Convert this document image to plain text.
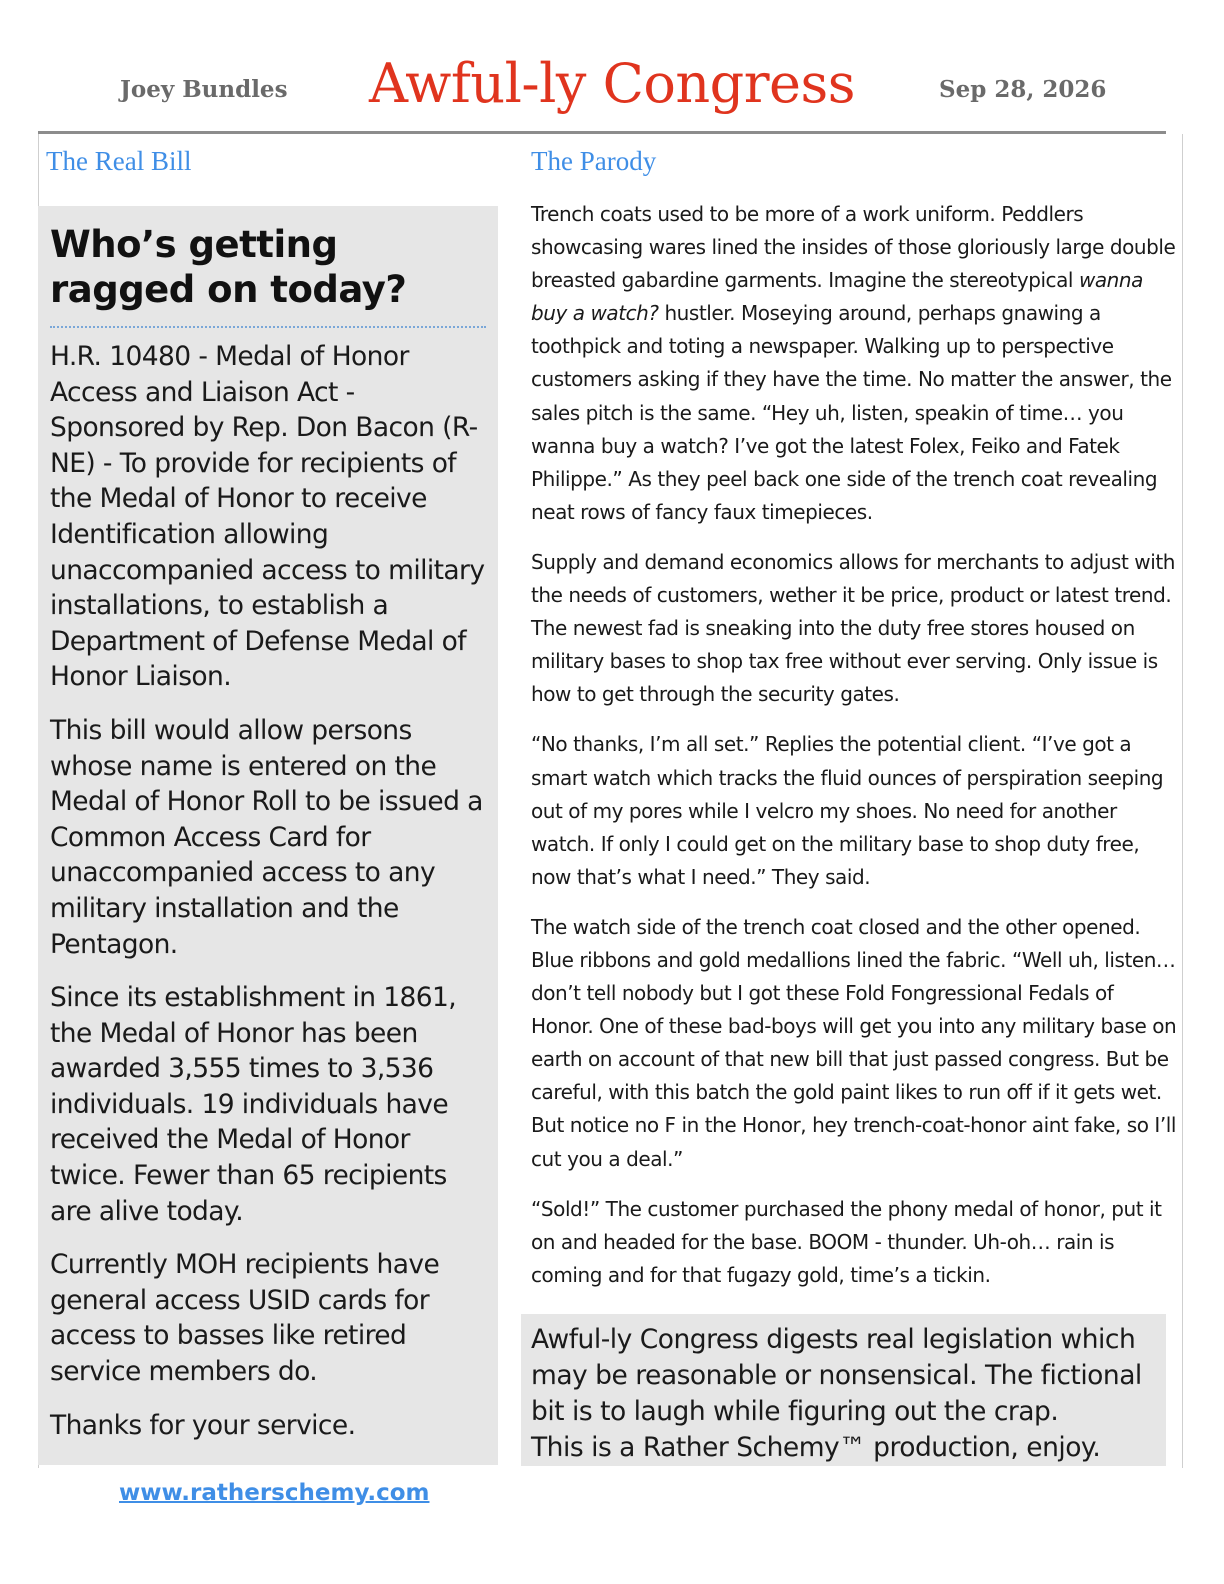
Awful-ly Congress
Joey Bundles	Sep 28, 2026
The Real Bill	The Parody
Who’s getting ragged on today?

H.R. 10480 - Medal of Honor Access and Liaison Act - Sponsored by Rep. Don Bacon (R-NE) - To provide for recipients of the Medal of Honor to receive Identification allowing unaccompanied access to military installations, to establish a Department of Defense Medal of Honor Liaison.

This bill would allow persons whose name is entered on the Medal of Honor Roll to be issued a Common Access Card for unaccompanied access to any military installation and the Pentagon.

Since its establishment in 1861, the Medal of Honor has been awarded 3,555 times to 3,536 individuals. 19 individuals have received the Medal of Honor twice. Fewer than 65 recipients are alive today.

Currently MOH recipients have general access USID cards for access to basses like retired service members do.

Thanks for your service.

Trench coats used to be more of a work uniform. Peddlers showcasing wares lined the insides of those gloriously large double breasted gabardine garments. Imagine the stereotypical wanna buy a watch? hustler. Moseying around, perhaps gnawing a toothpick and toting a newspaper. Walking up to perspective customers asking if they have the time. No matter the answer, the sales pitch is the same. “Hey uh, listen, speakin of time… you wanna buy a watch? I’ve got the latest Folex, Feiko and Fatek Philippe.” As they peel back one side of the trench coat revealing neat rows of fancy faux timepieces.

Supply and demand economics allows for merchants to adjust with the needs of customers, wether it be price, product or latest trend. The newest fad is sneaking into the duty free stores housed on military bases to shop tax free without ever serving. Only issue is how to get through the security gates.

“No thanks, I’m all set.” Replies the potential client. “I’ve got a smart watch which tracks the fluid ounces of perspiration seeping out of my pores while I velcro my shoes. No need for another watch. If only I could get on the military base to shop duty free, now that’s what I need.” They said.

The watch side of the trench coat closed and the other opened. Blue ribbons and gold medallions lined the fabric. “Well uh, listen…don’t tell nobody but I got these Fold Fongressional Fedals of Honor. One of these bad-boys will get you into any military base on earth on account of that new bill that just passed congress. But be careful, with this batch the gold paint likes to run off if it gets wet. But notice no F in the Honor, hey trench-coat-honor aint fake, so I’ll cut you a deal.”

“Sold!” The customer purchased the phony medal of honor, put it on and headed for the base. BOOM - thunder. Uh-oh… rain is coming and for that fugazy gold, time’s a tickin.

Awful-ly Congress digests real legislation which
may be reasonable or nonsensical. The fictional
bit is to laugh while figuring out the crap.
This is a Rather Schemy™ production, enjoy.
www.ratherschemy.com
